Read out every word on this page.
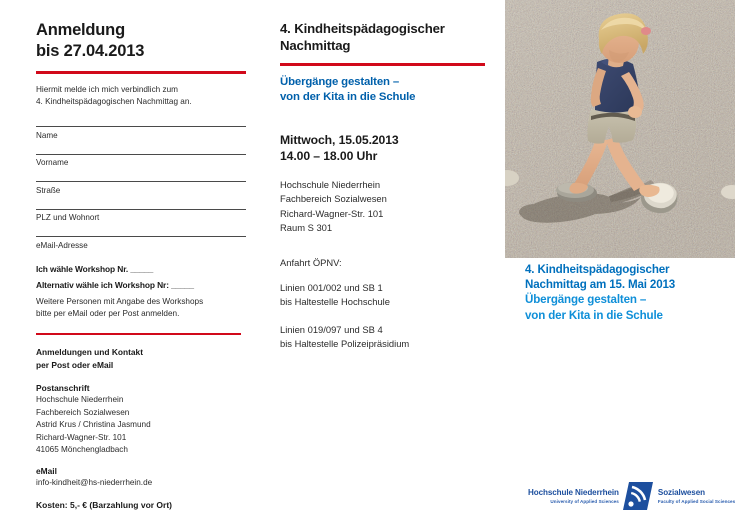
Anmeldung
bis 27.04.2013
Hiermit melde ich mich verbindlich zum
4. Kindheitspädagogischen Nachmittag an.
Name
Vorname
Straße
PLZ und Wohnort
eMail-Adresse
Ich wähle Workshop Nr. _____
Alternativ wähle ich Workshop Nr: _____
Weitere Personen mit Angabe des Workshops
bitte per eMail oder per Post anmelden.
Anmeldungen und Kontakt
per Post oder eMail
Postanschrift
Hochschule Niederrhein
Fachbereich Sozialwesen
Astrid Krus / Christina Jasmund
Richard-Wagner-Str. 101
41065 Mönchengladbach
eMail
info-kindheit@hs-niederrhein.de
Kosten: 5,- € (Barzahlung vor Ort)
4. Kindheitspädagogischer
Nachmittag
Übergänge gestalten –
von der Kita in die Schule
Mittwoch, 15.05.2013
14.00 – 18.00 Uhr
Hochschule Niederrhein
Fachbereich Sozialwesen
Richard-Wagner-Str. 101
Raum S 301
Anfahrt ÖPNV:
Linien 001/002 und SB 1
bis Haltestelle Hochschule
Linien 019/097 und SB 4
bis Haltestelle Polizeipräsidium
4. Kindheitspädagogischer
Nachmittag am 15. Mai 2013
Übergänge gestalten –
von der Kita in die Schule
Hochschule Niederrhein
University of Applied Sciences
Sozialwesen
Faculty of Applied Social Sciences
